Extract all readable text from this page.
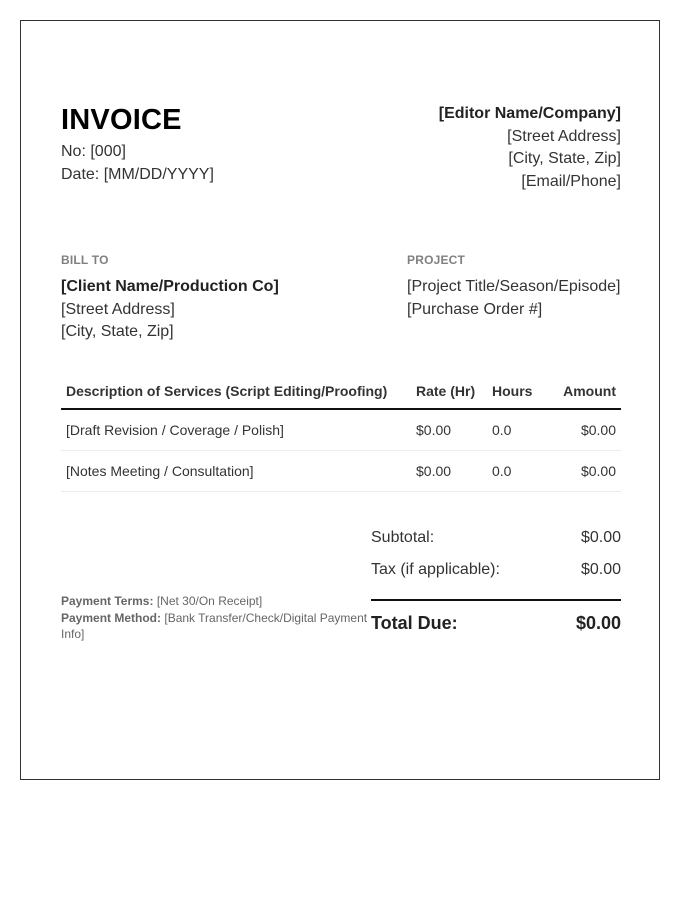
INVOICE
No: [000]
Date: [MM/DD/YYYY]
[Editor Name/Company]
[Street Address]
[City, State, Zip]
[Email/Phone]
BILL TO
[Client Name/Production Co]
[Street Address]
[City, State, Zip]
PROJECT
[Project Title/Season/Episode]
[Purchase Order #]
Description of Services (Script Editing/Proofing)	Rate (Hr)	Hours	Amount
[Draft Revision / Coverage / Polish]	$0.00	0.0	$0.00
[Notes Meeting / Consultation]	$0.00	0.0	$0.00
Subtotal:	$0.00
Tax (if applicable):	$0.00
Total Due:	$0.00
Payment Terms: [Net 30/On Receipt]
Payment Method: [Bank Transfer/Check/Digital Payment Info]
